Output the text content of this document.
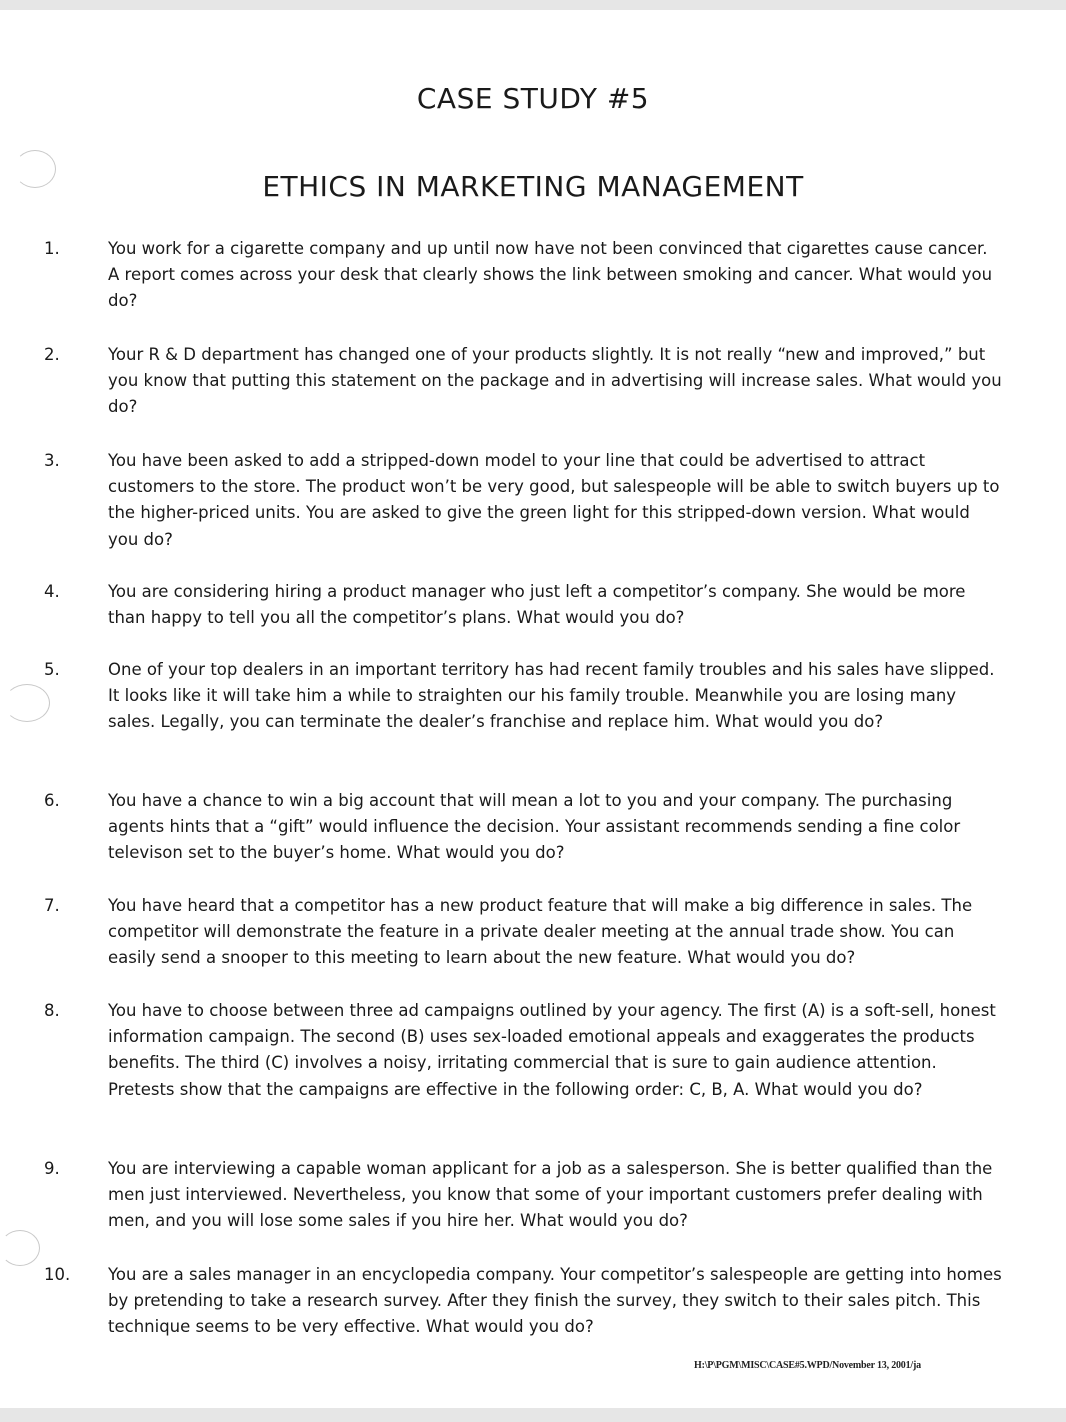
CASE STUDY #5
ETHICS IN MARKETING MANAGEMENT
1.	You work for a cigarette company and up until now have not been convinced that cigarettes cause cancer. A report comes across your desk that clearly shows the link between smoking and cancer. What would you do?
2.	Your R & D department has changed one of your products slightly. It is not really “new and improved,” but you know that putting this statement on the package and in advertising will increase sales. What would you do?
3.	You have been asked to add a stripped-down model to your line that could be advertised to attract customers to the store. The product won’t be very good, but salespeople will be able to switch buyers up to the higher-priced units. You are asked to give the green light for this stripped-down version. What would you do?
4.	You are considering hiring a product manager who just left a competitor’s company. She would be more than happy to tell you all the competitor’s plans. What would you do?
5.	One of your top dealers in an important territory has had recent family troubles and his sales have slipped. It looks like it will take him a while to straighten our his family trouble. Meanwhile you are losing many sales. Legally, you can terminate the dealer’s franchise and replace him. What would you do?
6.	You have a chance to win a big account that will mean a lot to you and your company. The purchasing agents hints that a “gift” would influence the decision. Your assistant recommends sending a fine color televison set to the buyer’s home. What would you do?
7.	You have heard that a competitor has a new product feature that will make a big difference in sales. The competitor will demonstrate the feature in a private dealer meeting at the annual trade show. You can easily send a snooper to this meeting to learn about the new feature. What would you do?
8.	You have to choose between three ad campaigns outlined by your agency. The first (A) is a soft-sell, honest information campaign. The second (B) uses sex-loaded emotional appeals and exaggerates the products benefits. The third (C) involves a noisy, irritating commercial that is sure to gain audience attention. Pretests show that the campaigns are effective in the following order: C, B, A. What would you do?
9.	You are interviewing a capable woman applicant for a job as a salesperson. She is better qualified than the men just interviewed. Nevertheless, you know that some of your important customers prefer dealing with men, and you will lose some sales if you hire her. What would you do?
10. You are a sales manager in an encyclopedia company. Your competitor’s salespeople are getting into homes by pretending to take a research survey. After they finish the survey, they switch to their sales pitch. This technique seems to be very effective. What would you do?
H:\P\PGM\MISC\CASE#5.WPD/November 13, 2001/ja
